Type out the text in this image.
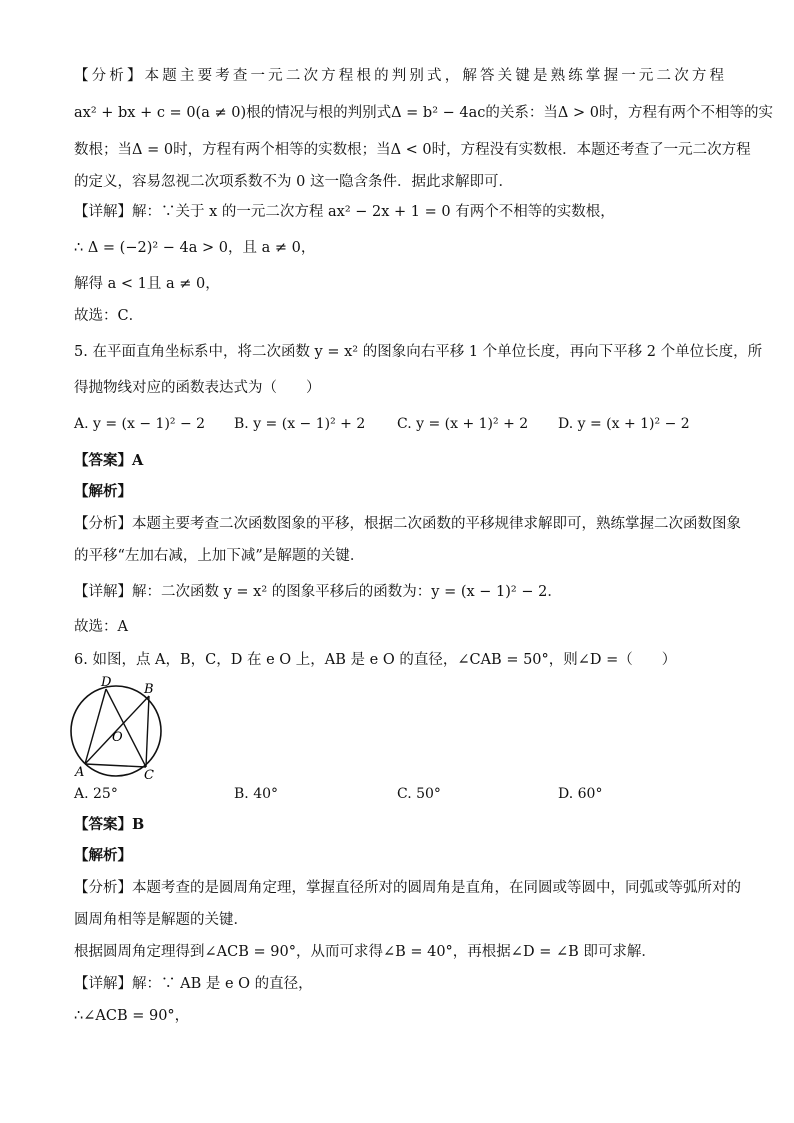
【分析】本题主要考查一元二次方程根的判别式，解答关键是熟练掌握一元二次方程
ax² + bx + c = 0(a ≠ 0)根的情况与根的判别式Δ = b² − 4ac的关系：当Δ > 0时，方程有两个不相等的实
数根；当Δ = 0时，方程有两个相等的实数根；当Δ < 0时，方程没有实数根．本题还考查了一元二次方程
的定义，容易忽视二次项系数不为 0 这一隐含条件．据此求解即可．
【详解】解：∵关于 x 的一元二次方程 ax² − 2x + 1 = 0 有两个不相等的实数根，
∴ Δ = (−2)² − 4a > 0，且 a ≠ 0，
解得 a < 1且 a ≠ 0，
故选：C．
5. 在平面直角坐标系中，将二次函数 y = x² 的图象向右平移 1 个单位长度，再向下平移 2 个单位长度，所
得抛物线对应的函数表达式为（　　）
A. y = (x − 1)² − 2 B. y = (x − 1)² + 2 C. y = (x + 1)² + 2 D. y = (x + 1)² − 2
【答案】A
【解析】
【分析】本题主要考查二次函数图象的平移，根据二次函数的平移规律求解即可，熟练掌握二次函数图象
的平移“左加右减，上加下减”是解题的关键．
【详解】解：二次函数 y = x² 的图象平移后的函数为：y = (x − 1)² − 2．
故选：A
6. 如图，点 A，B，C，D 在 e O 上，AB 是 e O 的直径，∠CAB = 50°，则∠D =（　　）
D	B
O
A	C
A. 25°	B. 40°	C. 50°	D. 60°
【答案】B
【解析】
【分析】本题考查的是圆周角定理，掌握直径所对的圆周角是直角，在同圆或等圆中，同弧或等弧所对的
圆周角相等是解题的关键．
根据圆周角定理得到∠ACB = 90°，从而可求得∠B = 40°，再根据∠D = ∠B 即可求解．
【详解】解：∵ AB 是 e O 的直径，
∴∠ACB = 90°，
